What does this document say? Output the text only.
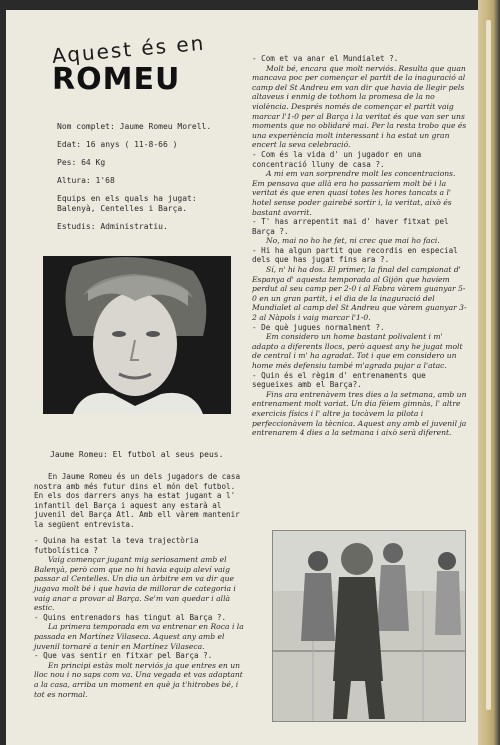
Aquest és en
ROMEU

Nom complet: Jaume Romeu Morell.

Edat: 16 anys ( 11-8-66 )

Pes: 64 Kg

Altura: 1'68

Equips en els quals ha jugat: Balenyà, Centelles i Barça.

Estudis: Administratiu.

Jaume Romeu: El futbol al seus peus.

En Jaume Romeu és un dels jugadors de casa nostra amb més futur dins el món del futbol. En els dos darrers anys ha estat jugant a l' infantil del Barça i aquest any estarà al juvenil del Barça Atl. Amb ell vàrem mantenir la següent entrevista.

- Quina ha estat la teva trajectòria futbolística ?

Vaig començar jugant mig seriosament amb el Balenyà, però com que no hi havia equip aleví vaig passar al Centelles. Un dia un àrbitre em va dir que jugava molt bé i que havia de millorar de categoria i vaig anar a provar al Barça. Se'm van quedar i allà estic.

- Quins entrenadors has tingut al Barça ?.

La primera temporada em va entrenar en Roca i la passada en Martínez Vilaseca. Aquest any amb el juvenil tornaré a tenir en Martínez Vilaseca.

- Que vas sentir en fitxar pel Barça ?.

En principi estàs molt nerviós ja que entres en un lloc nou i no saps com va. Una vegada et vas adaptant a la casa, arriba un moment en què ja t'hitrobes bé, i tot es normal.

- Com et va anar el Mundialet ?.

Molt bé, encara que molt nerviós. Resulta que quan mancava poc per començar el partit de la inaguració al camp del St Andreu em van dir que havia de llegir pels altaveus i enmig de tothom la promesa de la no violència. Després només de començar el partit vaig marcar l'1-0 per al Barça i la veritat és que van ser uns moments que no oblidaré mai. Per la resta trobo que és una experiència molt interessant i ha estat un gran encert la seva celebració.

- Com és la vida d' un jugador en una concentració lluny de casa ?.

A mi em van sorprendre molt les concentracions. Em pensava que allà era ho passaríem molt bé i la veritat és que eren quasi totes les hores tancats a l' hotel sense poder gairebé sortir i, la veritat, això és bastant avorrit.

- T' has arrepentit mai d' haver fitxat pel Barça ?.

No, mai no ho he fet, ni crec que mai ho faci.

- Hi ha algun partit que recordis en especial dels que has jugat fins ara ?.

Sí, n' hi ha dos. El primer, la final del campionat d' Espanya d' aquesta temporada al Gijón que havíem perdut al seu camp per 2-0 i al Fabra vàrem guanyar 5-0 en un gran partit, i el dia de la inaguració del Mundialet al camp del St Andreu que vàrem guanyar 3-2 al Nàpols i vaig marcar l'1-0.

- De què jugues normalment ?.

Em considero un home bastant polivalent i m' adapto a diferents llocs, però aquest any he jugat molt de central i m' ha agradat. Tot i que em considero un home més defensiu també m'agrada pujar a l'atac.

- Quin és el règim d' entrenaments que segueixes amb el Barça?.

Fins ara entrenàvem tres dies a la setmana, amb un entrenament molt variat. Un dia fèiem gimnàs, l' altre exercicis físics i l' altre ja tocàvem la pilota i perfeccionàvem la tècnica. Aquest any amb el juvenil ja entrenarem 4 dies a la setmana i això serà diferent.
